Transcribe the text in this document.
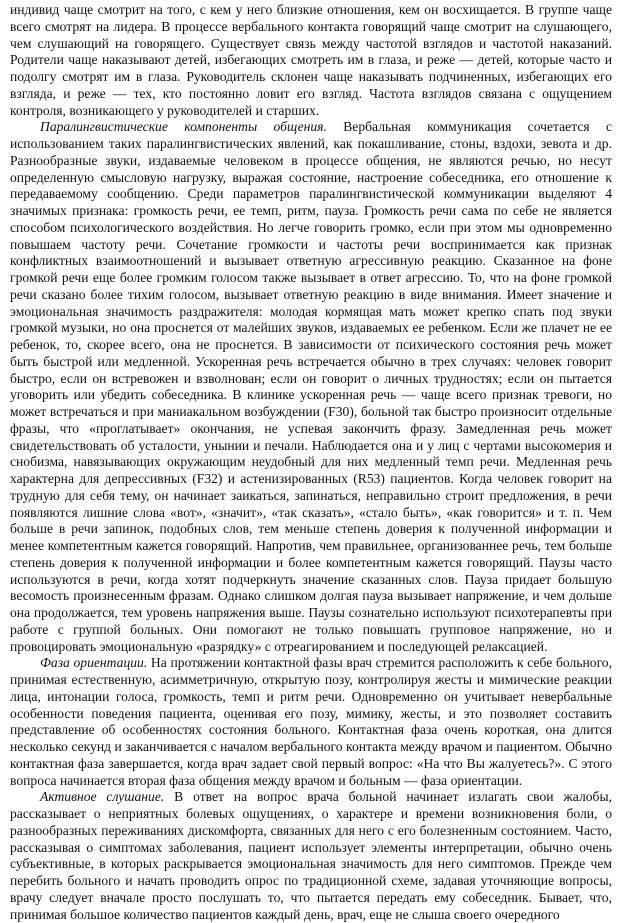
индивид чаще смотрит на того, с кем у него близкие отношения, кем он восхищается. В группе чаще всего смотрят на лидера. В процессе вербального контакта говорящий чаще смотрит на слушающего, чем слушающий на говорящего. Существует связь между частотой взглядов и частотой наказаний. Родители чаще наказывают детей, избегающих смотреть им в глаза, и реже — детей, которые часто и подолгу смотрят им в глаза. Руководитель склонен чаще наказывать подчиненных, избегающих его взгляда, и реже — тех, кто постоянно ловит его взгляд. Частота взглядов связана с ощущением контроля, возникающего у руководителей и старших.

Паралингвистические компоненты общения. Вербальная коммуникация сочетается с использованием таких паралингвистических явлений, как покашливание, стоны, вздохи, зевота и др. Разнообразные звуки, издаваемые человеком в процессе общения, не являются речью, но несут определенную смысловую нагрузку, выражая состояние, настроение собеседника, его отношение к передаваемому сообщению. Среди параметров паралингвистической коммуникации выделяют 4 значимых признака: громкость речи, ее темп, ритм, пауза. Громкость речи сама по себе не является способом психологического воздействия. Но легче говорить громко, если при этом мы одновременно повышаем частоту речи. Сочетание громкости и частоты речи воспринимается как признак конфликтных взаимоотношений и вызывает ответную агрессивную реакцию. Сказанное на фоне громкой речи еще более громким голосом также вызывает в ответ агрессию. То, что на фоне громкой речи сказано более тихим голосом, вызывает ответную реакцию в виде внимания. Имеет значение и эмоциональная значимость раздражителя: молодая кормящая мать может крепко спать под звуки громкой музыки, но она проснется от малейших звуков, издаваемых ее ребенком. Если же плачет не ее ребенок, то, скорее всего, она не проснется. В зависимости от психического состояния речь может быть быстрой или медленной. Ускоренная речь встречается обычно в трех случаях: человек говорит быстро, если он встревожен и взволнован; если он говорит о личных трудностях; если он пытается уговорить или убедить собеседника. В клинике ускоренная речь — чаще всего признак тревоги, но может встречаться и при маниакальном возбуждении (F30), больной так быстро произносит отдельные фразы, что «проглатывает» окончания, не успевая закончить фразу. Замедленная речь может свидетельствовать об усталости, унынии и печали. Наблюдается она и у лиц с чертами высокомерия и снобизма, навязывающих окружающим неудобный для них медленный темп речи. Медленная речь характерна для депрессивных (F32) и астенизированных (R53) пациентов. Когда человек говорит на трудную для себя тему, он начинает заикаться, запинаться, неправильно строит предложения, в речи появляются лишние слова «вот», «значит», «так сказать», «стало быть», «как говорится» и т. п. Чем больше в речи запинок, подобных слов, тем меньше степень доверия к полученной информации и менее компетентным кажется говорящий. Напротив, чем правильнее, организованнее речь, тем больше степень доверия к полученной информации и более компетентным кажется говорящий. Паузы часто используются в речи, когда хотят подчеркнуть значение сказанных слов. Пауза придает большую весомость произнесенным фразам. Однако слишком долгая пауза вызывает напряжение, и чем дольше она продолжается, тем уровень напряжения выше. Паузы сознательно используют психотерапевты при работе с группой больных. Они помогают не только повышать групповое напряжение, но и провоцировать эмоциональную «разрядку» с отреагированием и последующей релаксацией.

Фаза ориентации. На протяжении контактной фазы врач стремится расположить к себе больного, принимая естественную, асимметричную, открытую позу, контролируя жесты и мимические реакции лица, интонации голоса, громкость, темп и ритм речи. Одновременно он учитывает невербальные особенности поведения пациента, оценивая его позу, мимику, жесты, и это позволяет составить представление об особенностях состояния больного. Контактная фаза очень короткая, она длится несколько секунд и заканчивается с началом вербального контакта между врачом и пациентом. Обычно контактная фаза завершается, когда врач задает свой первый вопрос: «На что Вы жалуетесь?». С этого вопроса начинается вторая фаза общения между врачом и больным — фаза ориентации.

Активное слушание. В ответ на вопрос врача больной начинает излагать свои жалобы, рассказывает о неприятных болевых ощущениях, о характере и времени возникновения боли, о разнообразных переживаниях дискомфорта, связанных для него с его болезненным состоянием. Часто, рассказывая о симптомах заболевания, пациент использует элементы интерпретации, обычно очень субъективные, в которых раскрывается эмоциональная значимость для него симптомов. Прежде чем перебить больного и начать проводить опрос по традиционной схеме, задавая уточняющие вопросы, врачу следует вначале просто послушать то, что пытается передать ему собеседник. Бывает, что, принимая большое количество пациентов каждый день, врач, еще не слыша своего очередного
